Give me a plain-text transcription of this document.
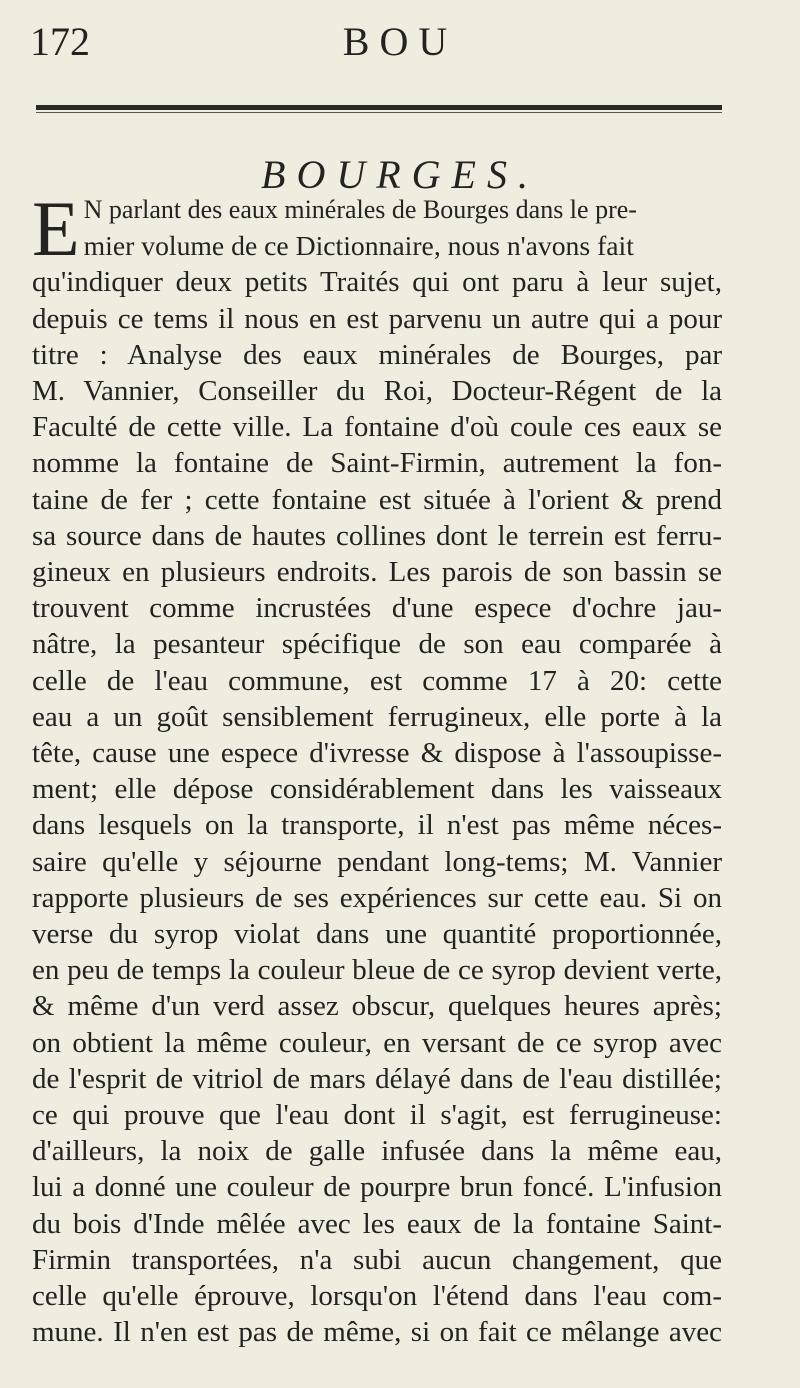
172	BOU
BOURGES.
E N parlant des eaux minérales de Bourges dans le pre-
mier volume de ce Dictionnaire, nous n'avons fait
qu'indiquer deux petits Traités qui ont paru à leur sujet,
depuis ce tems il nous en est parvenu un autre qui a pour
titre : Analyse des eaux minérales de Bourges, par
M. Vannier, Conseiller du Roi, Docteur-Régent de la
Faculté de cette ville. La fontaine d'où coule ces eaux se
nomme la fontaine de Saint-Firmin, autrement la fon-
taine de fer ; cette fontaine est située à l'orient & prend
sa source dans de hautes collines dont le terrein est ferru-
gineux en plusieurs endroits. Les parois de son bassin se
trouvent comme incrustées d'une espece d'ochre jau-
nâtre, la pesanteur spécifique de son eau comparée à
celle de l'eau commune, est comme 17 à 20: cette
eau a un goût sensiblement ferrugineux, elle porte à la
tête, cause une espece d'ivresse & dispose à l'assoupisse-
ment; elle dépose considérablement dans les vaisseaux
dans lesquels on la transporte, il n'est pas même néces-
saire qu'elle y séjourne pendant long-tems; M. Vannier
rapporte plusieurs de ses expériences sur cette eau. Si on
verse du syrop violat dans une quantité proportionnée,
en peu de temps la couleur bleue de ce syrop devient verte,
& même d'un verd assez obscur, quelques heures après;
on obtient la même couleur, en versant de ce syrop avec
de l'esprit de vitriol de mars délayé dans de l'eau distillée;
ce qui prouve que l'eau dont il s'agit, est ferrugineuse:
d'ailleurs, la noix de galle infusée dans la même eau,
lui a donné une couleur de pourpre brun foncé. L'infusion
du bois d'Inde mêlée avec les eaux de la fontaine Saint-
Firmin transportées, n'a subi aucun changement, que
celle qu'elle éprouve, lorsqu'on l'étend dans l'eau com-
mune. Il n'en est pas de même, si on fait ce mêlange avec
